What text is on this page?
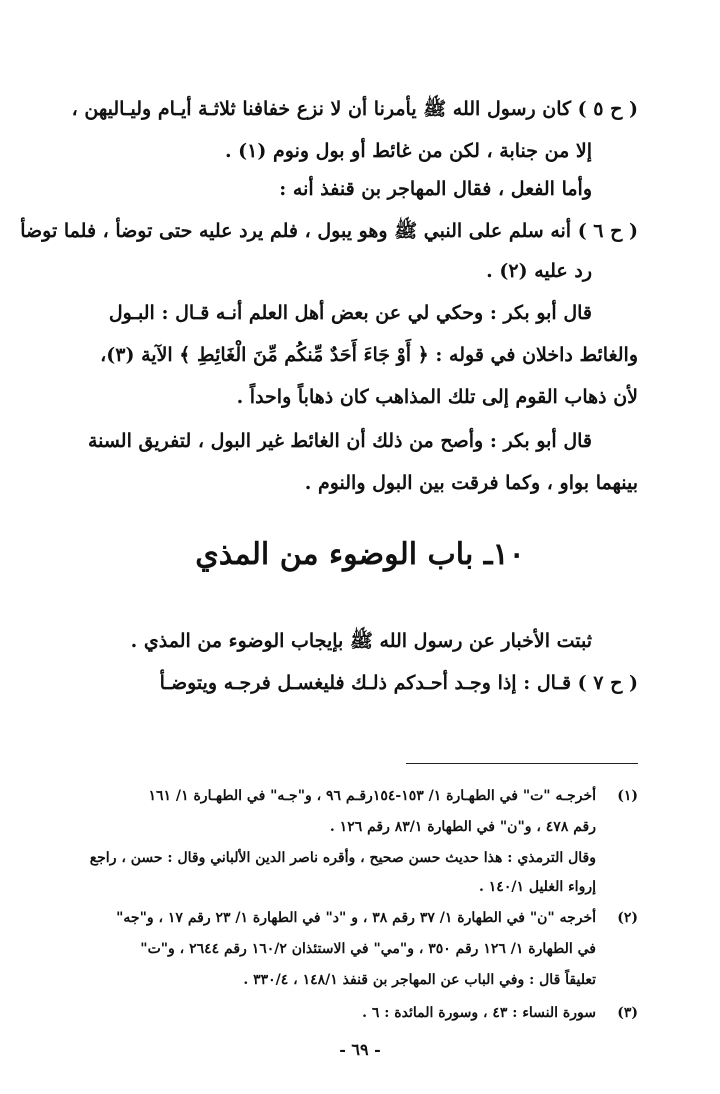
( ح ٥ ) كان رسول الله ﷺ يأمرنا أن لا نزع خفافنا ثلاثـة أيـام وليـاليهن ،
إلا من جنابة ، لكن من غائط أو بول ونوم (١) .
وأما الفعل ، فقال المهاجر بن قنفذ أنه :
( ح ٦ ) أنه سلم على النبي ﷺ وهو يبول ، فلم يرد عليه حتى توضأ ، فلما توضأ
رد عليه (٢) .
قال أبو بكر : وحكي لي عن بعض أهل العلم أنـه قـال : البـول
والغائط داخلان في قوله : ﴿ أَوْ جَاءَ أَحَدٌ مِّنكُم مِّنَ الْغَائِطِ ﴾ الآية (٣)،
لأن ذهاب القوم إلى تلك المذاهب كان ذهاباً واحداً .
قال أبو بكر : وأصح من ذلك أن الغائط غير البول ، لتفريق السنة
بينهما بواو ، وكما فرقت بين البول والنوم .
١٠ـ باب الوضوء من المذي
ثبتت الأخبار عن رسول الله ﷺ بإيجاب الوضوء من المذي .
( ح ٧ ) قـال : إذا وجـد أحـدكم ذلـك فليغسـل فرجـه ويتوضـأ
(١)
أخرجـه "ت" في الطهـارة ١/ ١٥٣-١٥٤رقـم ٩٦ ، و"جـه" في الطهـارة ١/ ١٦١
رقم ٤٧٨ ، و"ن" في الطهارة ٨٣/١ رقم ١٢٦ .
وقال الترمذي : هذا حديث حسن صحيح ، وأقره ناصر الدين الألباني وقال : حسن ، راجع
إرواء الغليل ١٤٠/١ .
(٢)
أخرجه "ن" في الطهارة ١/ ٣٧ رقم ٣٨ ، و "د" في الطهارة ١/ ٢٣ رقم ١٧ ، و"جه"
في الطهارة ١/ ١٢٦ رقم ٣٥٠ ، و"مي" في الاستئذان ١٦٠/٢ رقم ٢٦٤٤ ، و"ت"
تعليقاً قال : وفي الباب عن المهاجر بن قنفذ ١٤٨/١ ، ٣٣٠/٤ .
(٣)
سورة النساء : ٤٣ ، وسورة المائدة : ٦ .
- ٦٩ -
